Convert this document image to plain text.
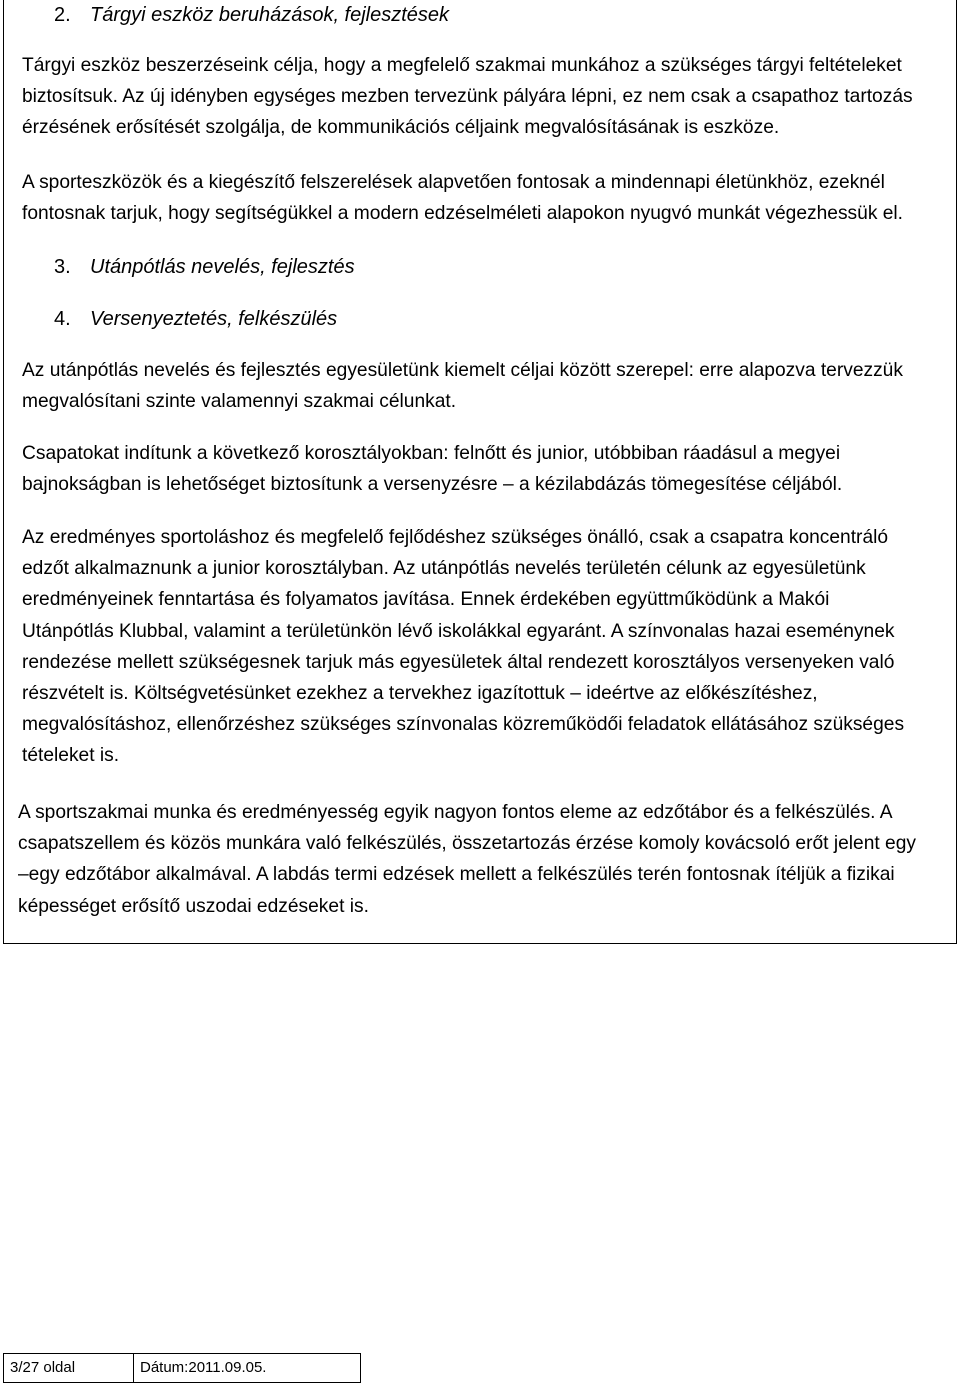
2. Tárgyi eszköz beruházások, fejlesztések

Tárgyi eszköz beszerzéseink célja, hogy a megfelelő szakmai munkához a szükséges tárgyi feltételeket
biztosítsuk. Az új idényben egységes mezben tervezünk pályára lépni, ez nem csak a csapathoz tartozás
érzésének erősítését szolgálja, de kommunikációs céljaink megvalósításának is eszköze.

A sporteszközök és a kiegészítő felszerelések alapvetően fontosak a mindennapi életünkhöz, ezeknél
fontosnak tarjuk, hogy segítségükkel a modern edzéselméleti alapokon nyugvó munkát végezhessük el.

3. Utánpótlás nevelés, fejlesztés
4. Versenyeztetés, felkészülés

Az utánpótlás nevelés és fejlesztés egyesületünk kiemelt céljai között szerepel: erre alapozva tervezzük
megvalósítani szinte valamennyi szakmai célunkat.

Csapatokat indítunk a következő korosztályokban: felnőtt és junior, utóbbiban ráadásul a megyei
bajnokságban is lehetőséget biztosítunk a versenyzésre – a kézilabdázás tömegesítése céljából.

Az eredményes sportoláshoz és megfelelő fejlődéshez szükséges önálló, csak a csapatra koncentráló
edzőt alkalmaznunk a junior korosztályban. Az utánpótlás nevelés területén célunk az egyesületünk
eredményeinek fenntartása és folyamatos javítása. Ennek érdekében együttműködünk a Makói
Utánpótlás Klubbal, valamint a területünkön lévő iskolákkal egyaránt. A színvonalas hazai eseménynek
rendezése mellett szükségesnek tarjuk más egyesületek által rendezett korosztályos versenyeken való
részvételt is. Költségvetésünket ezekhez a tervekhez igazítottuk – ideértve az előkészítéshez,
megvalósításhoz, ellenőrzéshez szükséges színvonalas közreműködői feladatok ellátásához szükséges
tételeket is.

A sportszakmai munka és eredményesség egyik nagyon fontos eleme az edzőtábor és a felkészülés. A
csapatszellem és közös munkára való felkészülés, összetartozás érzése komoly kovácsoló erőt jelent egy
–egy edzőtábor alkalmával. A labdás termi edzések mellett a felkészülés terén fontosnak ítéljük a fizikai
képességet erősítő uszodai edzéseket is.

3/27 oldal	Dátum:2011.09.05.
